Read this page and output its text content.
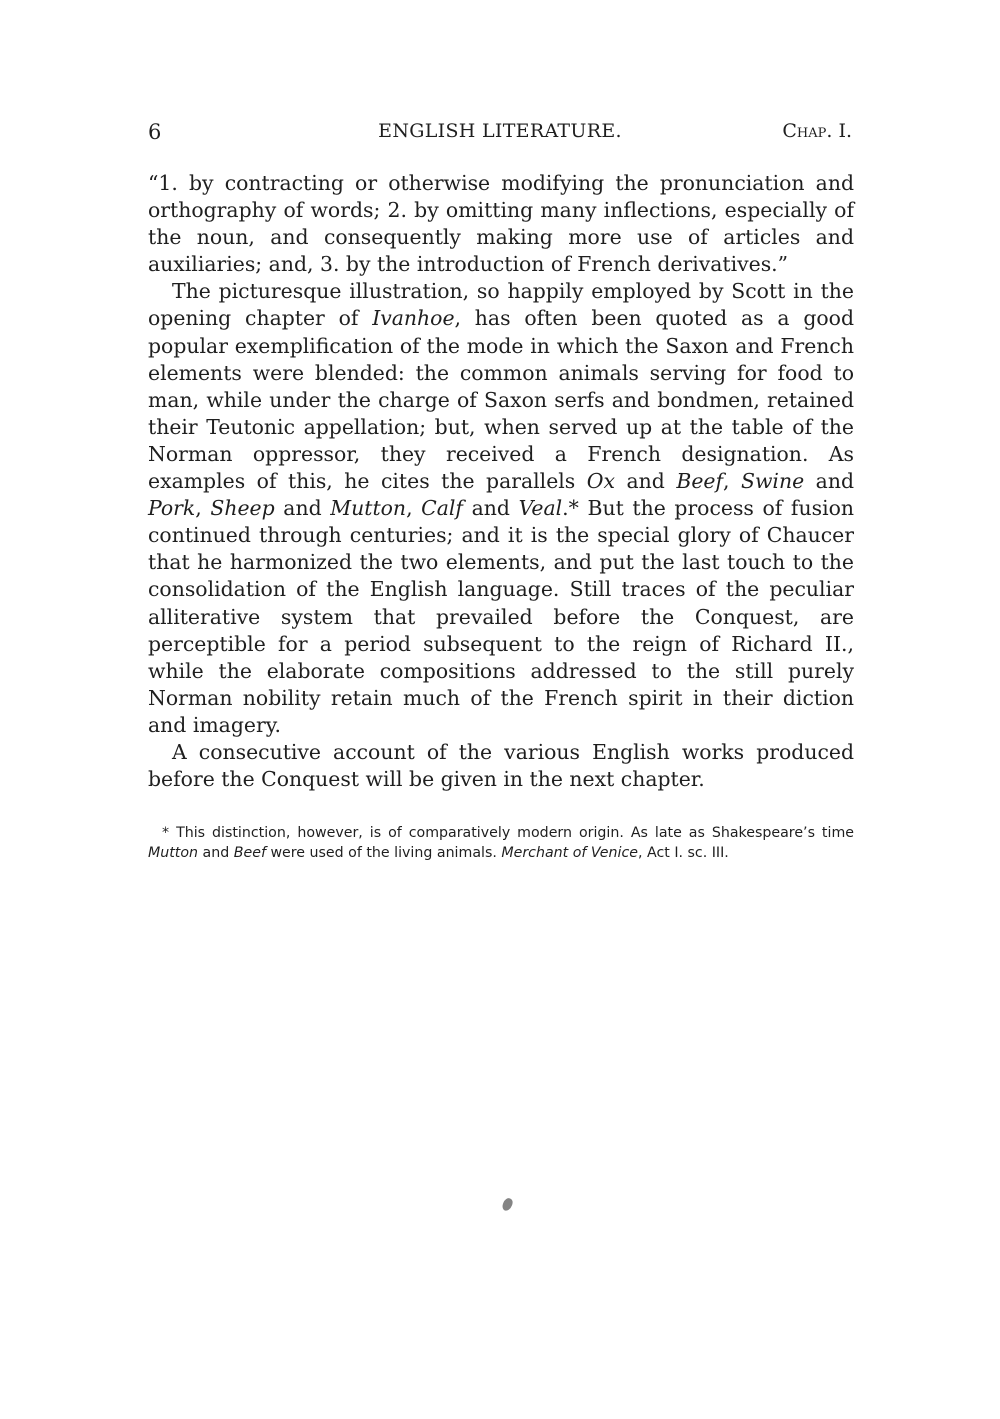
6	ENGLISH LITERATURE.	Chap. I.

“1. by contracting or otherwise modifying the pronunciation and orthography of words; 2. by omitting many inflections, especially of the noun, and consequently making more use of articles and auxiliaries; and, 3. by the introduction of French derivatives.”

The picturesque illustration, so happily employed by Scott in the opening chapter of Ivanhoe, has often been quoted as a good popular exemplification of the mode in which the Saxon and French elements were blended: the common animals serving for food to man, while under the charge of Saxon serfs and bondmen, retained their Teutonic appellation; but, when served up at the table of the Norman oppressor, they received a French designation. As examples of this, he cites the parallels Ox and Beef, Swine and Pork, Sheep and Mutton, Calf and Veal.* But the process of fusion continued through centuries; and it is the special glory of Chaucer that he harmonized the two elements, and put the last touch to the consolidation of the English language. Still traces of the peculiar alliterative system that prevailed before the Conquest, are perceptible for a period subsequent to the reign of Richard II., while the elaborate compositions addressed to the still purely Norman nobility retain much of the French spirit in their diction and imagery.

A consecutive account of the various English works produced before the Conquest will be given in the next chapter.

* This distinction, however, is of comparatively modern origin. As late as Shakespeare’s time Mutton and Beef were used of the living animals. Merchant of Venice, Act I. sc. III.
